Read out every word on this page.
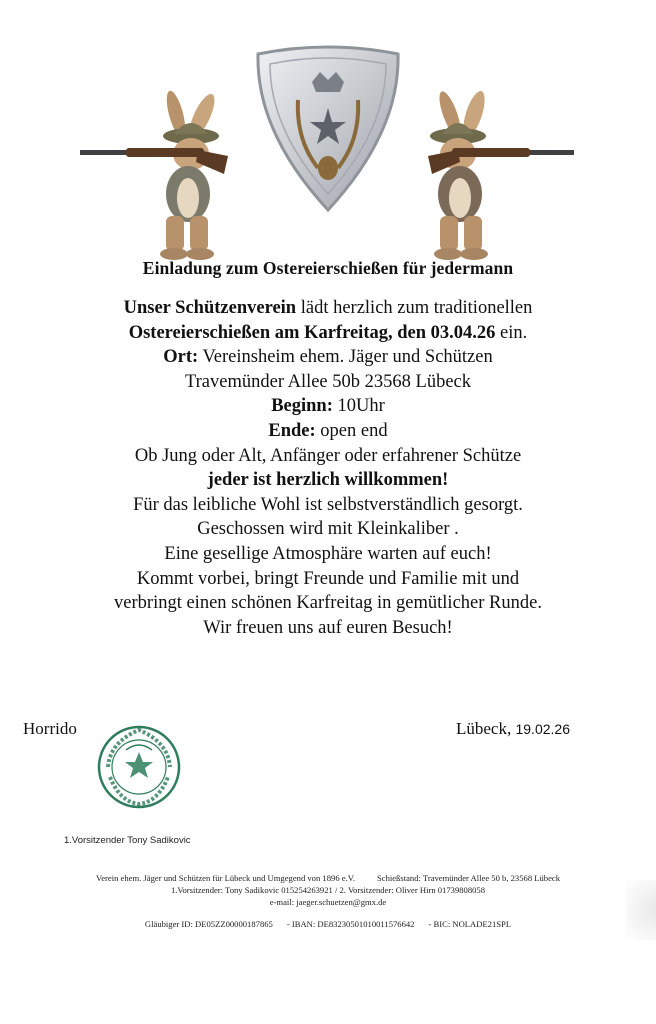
Einladung zum Ostereierschießen für jedermann
Unser Schützenverein lädt herzlich zum traditionellen
Ostereierschießen am Karfreitag, den 03.04.26 ein.
Ort: Vereinsheim ehem. Jäger und Schützen
Travemünder Allee 50b 23568 Lübeck
Beginn: 10Uhr
Ende: open end
Ob Jung oder Alt, Anfänger oder erfahrener Schütze
jeder ist herzlich willkommen!
Für das leibliche Wohl ist selbstverständlich gesorgt.
Geschossen wird mit Kleinkaliber .
Eine gesellige Atmosphäre warten auf euch!
Kommt vorbei, bringt Freunde und Familie mit und
verbringt einen schönen Karfreitag in gemütlicher Runde.
Wir freuen uns auf euren Besuch!
Horrido	Lübeck, 19.02.26
1.Vorsitzender Tony Sadikovic
Verein ehem. Jäger und Schützen für Lübeck und Umgegend von 1896 e.V.	Schießstand: Travemünder Allee 50 b, 23568 Lübeck
1.Vorsitzender: Tony Sadikovic 015254263921 / 2. Vorsitzender: Oliver Hirn 01739808058
e-mail: jaeger.schuetzen@gmx.de
Gläubiger ID: DE05ZZ00000187865 - IBAN: DE83230501010011576642 - BIC: NOLADE21SPL
